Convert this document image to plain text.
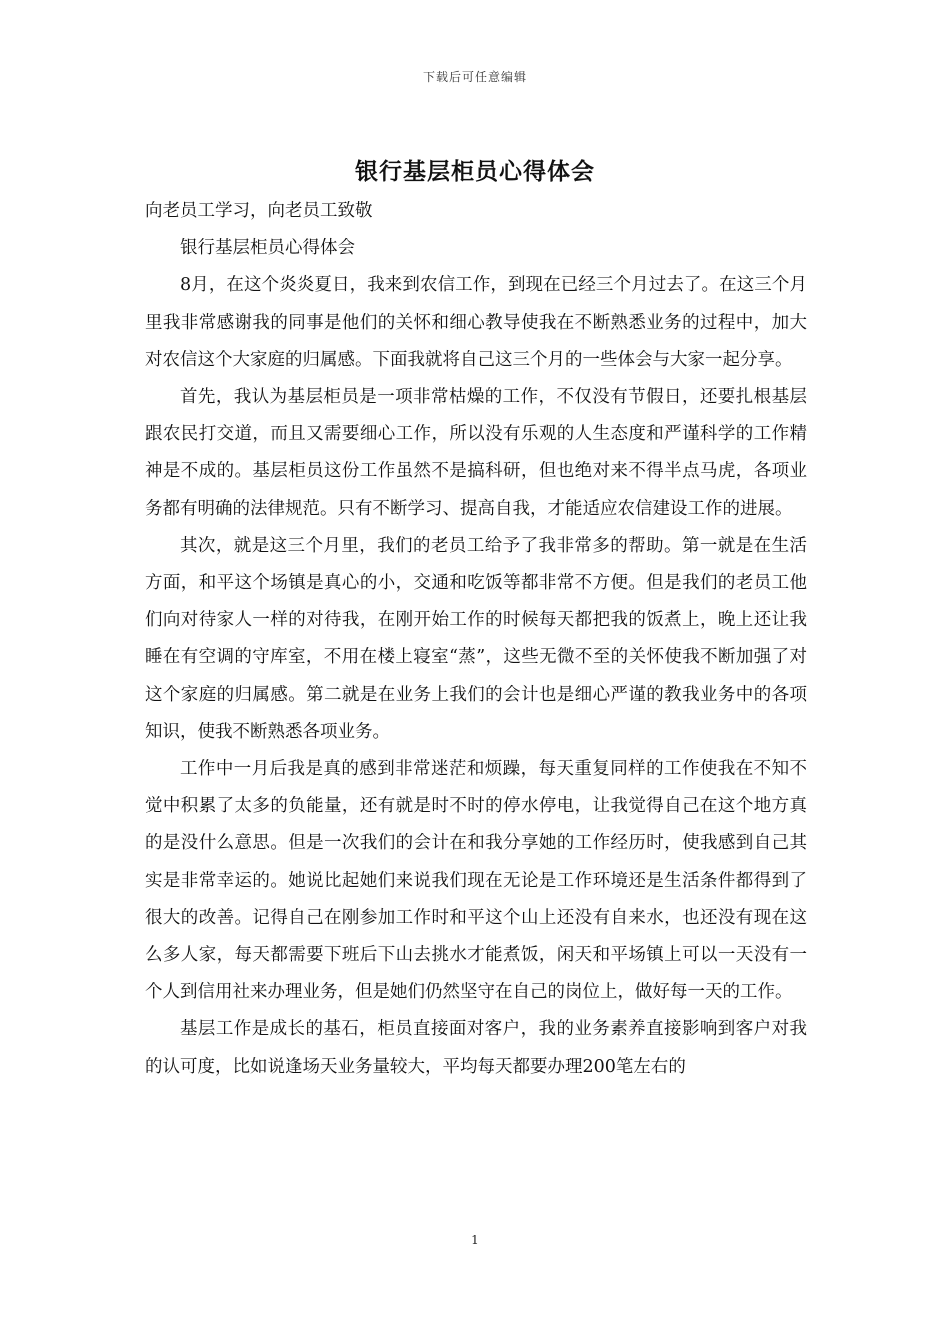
下载后可任意编辑
银行基层柜员心得体会

向老员工学习，向老员工致敬

银行基层柜员心得体会

8月，在这个炎炎夏日，我来到农信工作，到现在已经三个月过去了。在这三个月里我非常感谢我的同事是他们的关怀和细心教导使我在不断熟悉业务的过程中，加大对农信这个大家庭的归属感。下面我就将自己这三个月的一些体会与大家一起分享。

首先，我认为基层柜员是一项非常枯燥的工作，不仅没有节假日，还要扎根基层跟农民打交道，而且又需要细心工作，所以没有乐观的人生态度和严谨科学的工作精神是不成的。基层柜员这份工作虽然不是搞科研，但也绝对来不得半点马虎，各项业务都有明确的法律规范。只有不断学习、提高自我，才能适应农信建设工作的进展。

其次，就是这三个月里，我们的老员工给予了我非常多的帮助。第一就是在生活方面，和平这个场镇是真心的小，交通和吃饭等都非常不方便。但是我们的老员工他们向对待家人一样的对待我，在刚开始工作的时候每天都把我的饭煮上，晚上还让我睡在有空调的守库室，不用在楼上寝室“蒸”，这些无微不至的关怀使我不断加强了对这个家庭的归属感。第二就是在业务上我们的会计也是细心严谨的教我业务中的各项知识，使我不断熟悉各项业务。

工作中一月后我是真的感到非常迷茫和烦躁，每天重复同样的工作使我在不知不觉中积累了太多的负能量，还有就是时不时的停水停电，让我觉得自己在这个地方真的是没什么意思。但是一次我们的会计在和我分享她的工作经历时，使我感到自己其实是非常幸运的。她说比起她们来说我们现在无论是工作环境还是生活条件都得到了很大的改善。记得自己在刚参加工作时和平这个山上还没有自来水，也还没有现在这么多人家，每天都需要下班后下山去挑水才能煮饭，闲天和平场镇上可以一天没有一个人到信用社来办理业务，但是她们仍然坚守在自己的岗位上，做好每一天的工作。

基层工作是成长的基石，柜员直接面对客户，我的业务素养直接影响到客户对我的认可度，比如说逢场天业务量较大，平均每天都要办理200笔左右的

1
